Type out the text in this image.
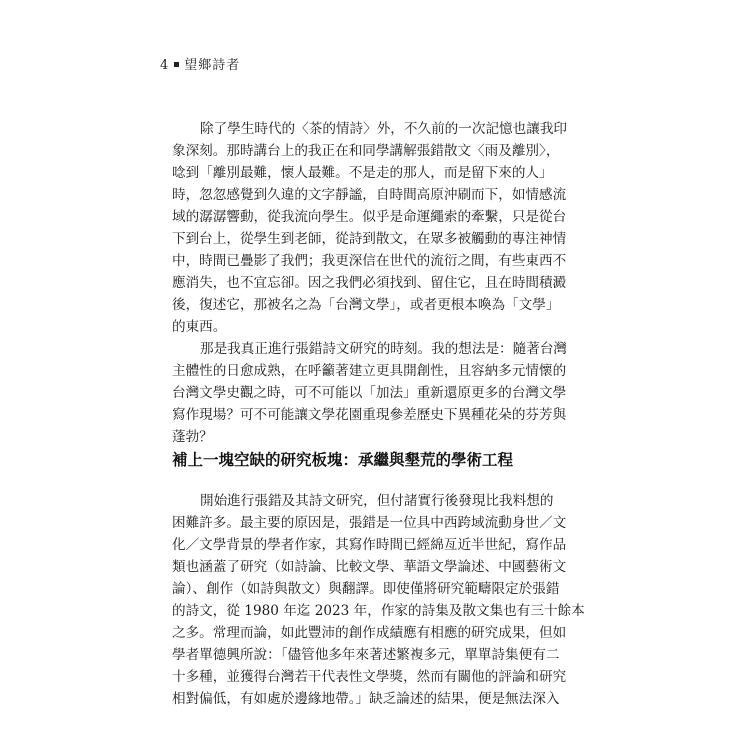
4 望鄉詩者
除了學生時代的〈茶的情詩〉外，不久前的一次記憶也讓我印
象深刻。那時講台上的我正在和同學講解張錯散文〈雨及離別〉，
唸到「離別最難，懷人最難。不是走的那人，而是留下來的人」
時，忽忽感覺到久違的文字靜謐，自時間高原沖刷而下，如情感流
域的潺潺響動，從我流向學生。似乎是命運繩索的牽繫，只是從台
下到台上，從學生到老師，從詩到散文，在眾多被觸動的專注神情
中，時間已疊影了我們；我更深信在世代的流衍之間，有些東西不
應消失，也不宜忘卻。因之我們必須找到、留住它，且在時間積澱
後，復述它，那被名之為「台灣文學」，或者更根本喚為「文學」
的東西。
那是我真正進行張錯詩文研究的時刻。我的想法是：隨著台灣
主體性的日愈成熟，在呼籲著建立更具開創性，且容納多元情懷的
台灣文學史觀之時，可不可能以「加法」重新還原更多的台灣文學
寫作現場？可不可能讓文學花園重現參差歷史下異種花朵的芬芳與
蓬勃？
補上一塊空缺的研究板塊：承繼與墾荒的學術工程
開始進行張錯及其詩文研究，但付諸實行後發現比我料想的
困難許多。最主要的原因是，張錯是一位具中西跨域流動身世／文
化／文學背景的學者作家，其寫作時間已經綿亙近半世紀，寫作品
類也涵蓋了研究（如詩論、比較文學、華語文學論述、中國藝術文
論）、創作（如詩與散文）與翻譯。即使僅將研究範疇限定於張錯
的詩文，從 1980 年迄 2023 年，作家的詩集及散文集也有三十餘本
之多。常理而論，如此豐沛的創作成績應有相應的研究成果，但如
學者單德興所說：「儘管他多年來著述繁複多元，單單詩集便有二
十多種，並獲得台灣若干代表性文學獎，然而有關他的評論和研究
相對偏低，有如處於邊緣地帶。」缺乏論述的結果，便是無法深入
